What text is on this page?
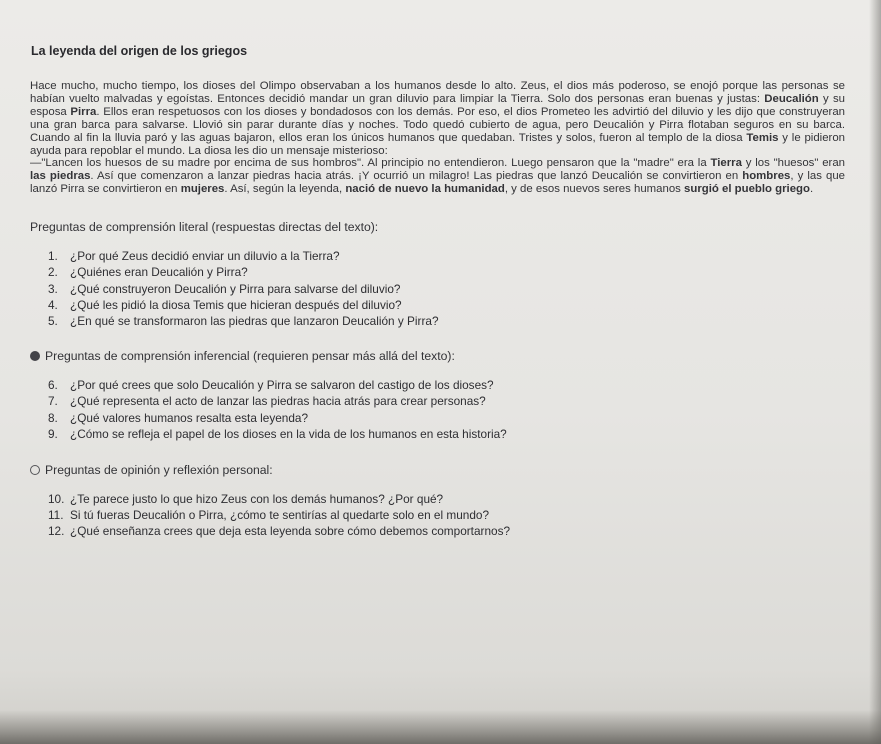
La leyenda del origen de los griegos

Hace mucho, mucho tiempo, los dioses del Olimpo observaban a los humanos desde lo alto. Zeus, el dios más poderoso, se enojó porque las personas se habían vuelto malvadas y egoístas. Entonces decidió mandar un gran diluvio para limpiar la Tierra. Solo dos personas eran buenas y justas: Deucalión y su esposa Pirra. Ellos eran respetuosos con los dioses y bondadosos con los demás. Por eso, el dios Prometeo les advirtió del diluvio y les dijo que construyeran una gran barca para salvarse. Llovió sin parar durante días y noches. Todo quedó cubierto de agua, pero Deucalión y Pirra flotaban seguros en su barca. Cuando al fin la lluvia paró y las aguas bajaron, ellos eran los únicos humanos que quedaban. Tristes y solos, fueron al templo de la diosa Temis y le pidieron ayuda para repoblar el mundo. La diosa les dio un mensaje misterioso:
—"Lancen los huesos de su madre por encima de sus hombros". Al principio no entendieron. Luego pensaron que la "madre" era la Tierra y los "huesos" eran las piedras. Así que comenzaron a lanzar piedras hacia atrás. ¡Y ocurrió un milagro! Las piedras que lanzó Deucalión se convirtieron en hombres, y las que lanzó Pirra se convirtieron en mujeres. Así, según la leyenda, nació de nuevo la humanidad, y de esos nuevos seres humanos surgió el pueblo griego.

Preguntas de comprensión literal (respuestas directas del texto):
1. ¿Por qué Zeus decidió enviar un diluvio a la Tierra?
2. ¿Quiénes eran Deucalión y Pirra?
3. ¿Qué construyeron Deucalión y Pirra para salvarse del diluvio?
4. ¿Qué les pidió la diosa Temis que hicieran después del diluvio?
5. ¿En qué se transformaron las piedras que lanzaron Deucalión y Pirra?
Preguntas de comprensión inferencial (requieren pensar más allá del texto):
6. ¿Por qué crees que solo Deucalión y Pirra se salvaron del castigo de los dioses?
7. ¿Qué representa el acto de lanzar las piedras hacia atrás para crear personas?
8. ¿Qué valores humanos resalta esta leyenda?
9. ¿Cómo se refleja el papel de los dioses en la vida de los humanos en esta historia?
Preguntas de opinión y reflexión personal:
10. ¿Te parece justo lo que hizo Zeus con los demás humanos? ¿Por qué?
11. Si tú fueras Deucalión o Pirra, ¿cómo te sentirías al quedarte solo en el mundo?
12. ¿Qué enseñanza crees que deja esta leyenda sobre cómo debemos comportarnos?
